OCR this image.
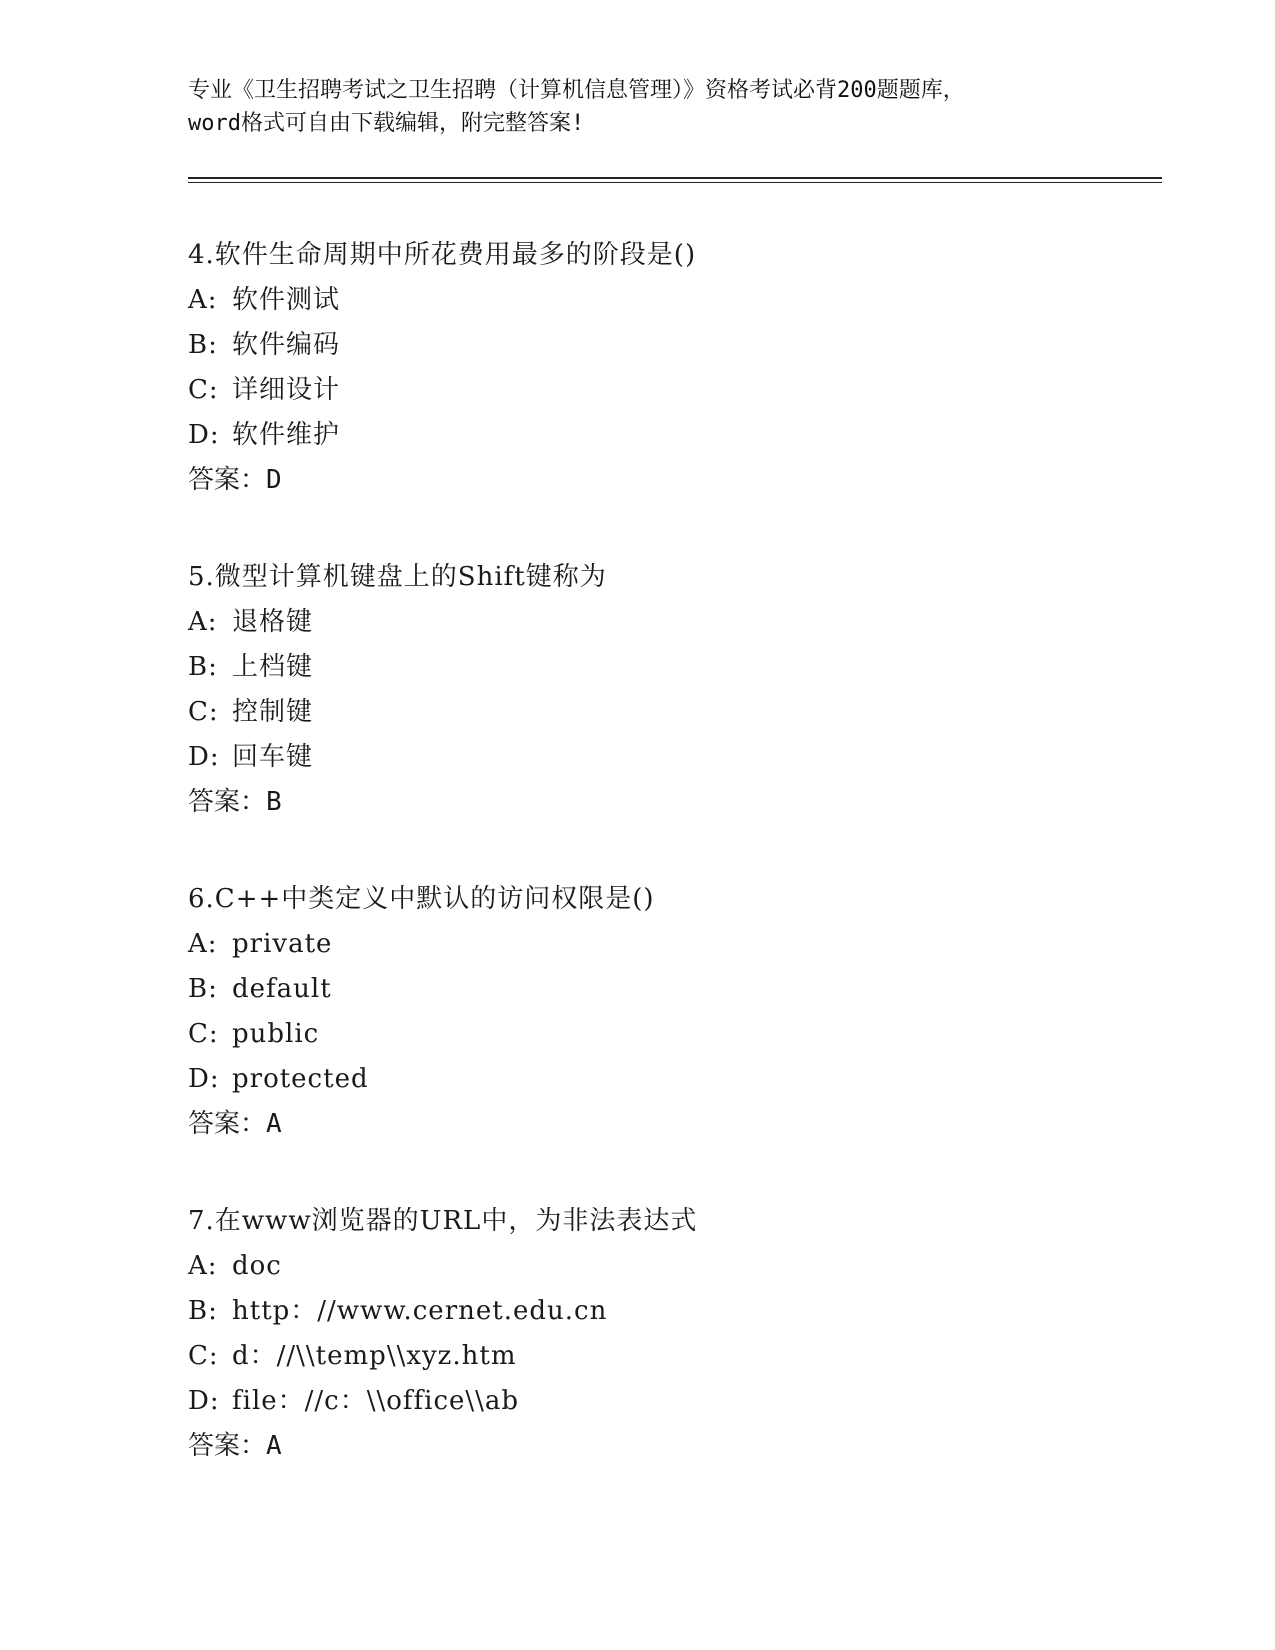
专业《卫生招聘考试之卫生招聘（计算机信息管理）》资格考试必背200题题库，
word格式可自由下载编辑，附完整答案!
4.软件生命周期中所花费用最多的阶段是()
A: 软件测试
B: 软件编码
C: 详细设计
D: 软件维护
答案：D
5.微型计算机键盘上的Shift键称为
A: 退格键
B: 上档键
C: 控制键
D: 回车键
答案：B
6.C++中类定义中默认的访问权限是()
A: private
B: default
C: public
D: protected
答案：A
7.在www浏览器的URL中，为非法表达式
A: doc
B: http：//www.cernet.edu.cn
C: d：//\\temp\\xyz.htm
D: file：//c：\\office\\ab
答案：A
